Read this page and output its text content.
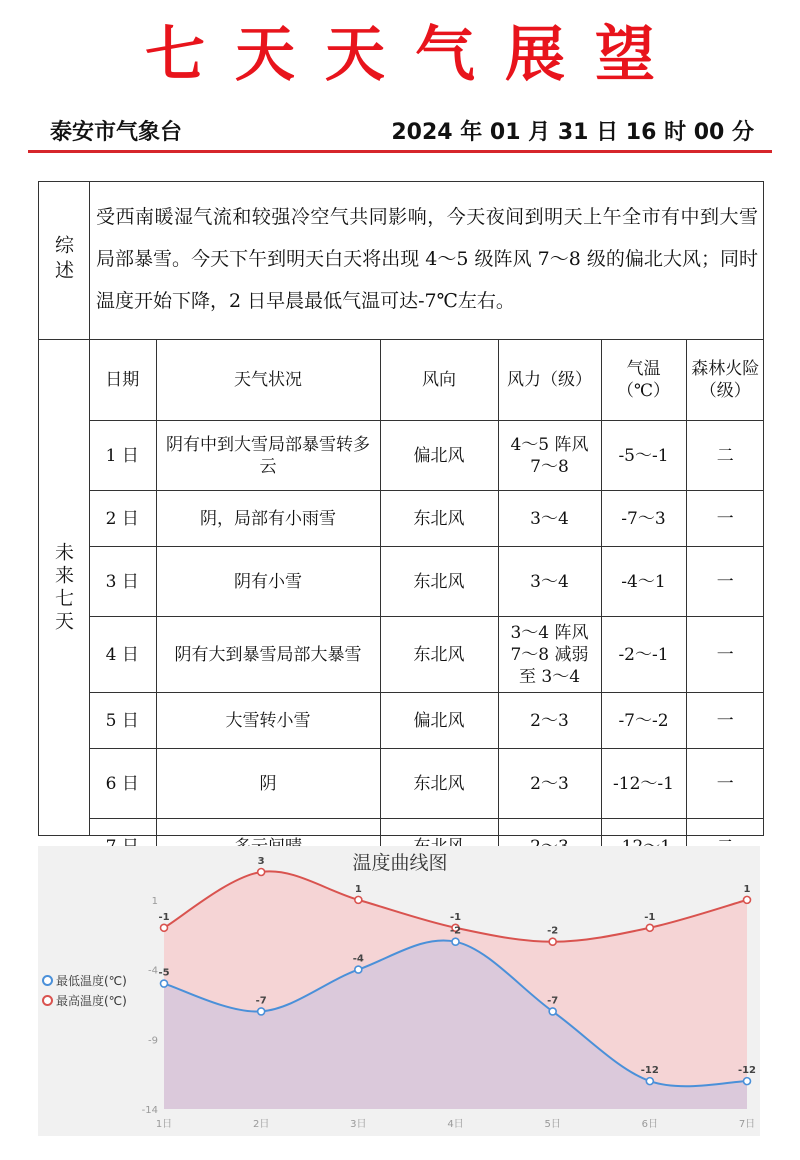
七天天气展望
泰安市气象台	2024 年 01 月 31 日 16 时 00 分
综述
受西南暖湿气流和较强冷空气共同影响，今天夜间到明天上午全市有中到大雪局部暴雪。今天下午到明天白天将出现 4～5 级阵风 7～8 级的偏北大风；同时温度开始下降，2 日早晨最低气温可达-7℃左右。
未来七天
日期	天气状况	风向	风力（级）	气温（℃）	森林火险（级）
1 日	阴有中到大雪局部暴雪转多云	偏北风	4～5 阵风 7～8	-5～-1	二
2 日	阴，局部有小雨雪	东北风	3～4	-7～3	一
3 日	阴有小雪	东北风	3～4	-4～1	一
4 日	阴有大到暴雪局部大暴雪	东北风	3～4 阵风 7～8 减弱至 3～4	-2～-1	一
5 日	大雪转小雪	偏北风	2～3	-7～-2	一
6 日	阴	东北风	2～3	-12～-1	一

温度曲线图
1
-4
-9
-14
1日	2日	3日	4日	5日	6日	7日
-1
3
1
-1
-2
-1
1
-5
-7
-4
-2
-7
-12	-12
最低温度(℃)
最高温度(℃)
